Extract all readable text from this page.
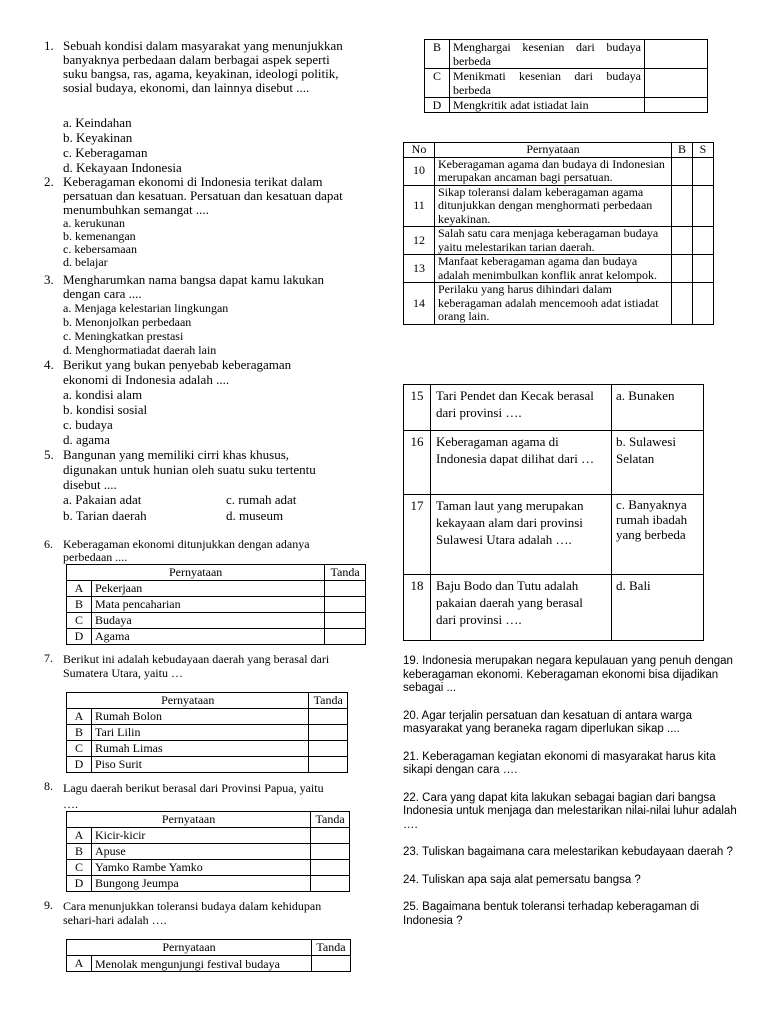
1. Sebuah kondisi dalam masyarakat yang menunjukkan
banyaknya perbedaan dalam berbagai aspek seperti
suku bangsa, ras, agama, keyakinan, ideologi politik,
sosial budaya, ekonomi, dan lainnya disebut ....
a. Keindahan
b. Keyakinan
c. Keberagaman
d. Kekayaan Indonesia
2. Keberagaman ekonomi di Indonesia terikat dalam
persatuan dan kesatuan. Persatuan dan kesatuan dapat
menumbuhkan semangat ....
a. kerukunan
b. kemenangan
c. kebersamaan
d. belajar
3. Mengharumkan nama bangsa dapat kamu lakukan
dengan cara ....
a. Menjaga kelestarian lingkungan
b. Menonjolkan perbedaan
c. Meningkatkan prestasi
d. Menghormatiadat daerah lain
4. Berikut yang bukan penyebab keberagaman
ekonomi di Indonesia adalah ....
a. kondisi alam
b. kondisi sosial
c. budaya
d. agama
5. Bangunan yang memiliki cirri khas khusus,
digunakan untuk hunian oleh suatu suku tertentu
disebut ....
a. Pakaian adat	c. rumah adat
b. Tarian daerah	d. museum
6. Keberagaman ekonomi ditunjukkan dengan adanya
perbedaan ....
Pernyataan		Tanda
A	Pekerjaan	
B	Mata pencaharian	
C	Budaya	
D	Agama	
7. Berikut ini adalah kebudayaan daerah yang berasal dari
Sumatera Utara, yaitu …
Pernyataan		Tanda
A	Rumah Bolon	
B	Tari Lilin	
C	Rumah Limas	
D	Piso Surit	
8. Lagu daerah berikut berasal dari Provinsi Papua, yaitu
….
Pernyataan		Tanda
A	Kicir-kicir	
B	Apuse	
C	Yamko Rambe Yamko	
D	Bungong Jeumpa	
9. Cara menunjukkan toleransi budaya dalam kehidupan
sehari-hari adalah ….
Pernyataan		Tanda
A	Menolak mengunjungi festival budaya	
B	Menghargai kesenian dari budaya berbeda	
C	Menikmati kesenian dari budaya berbeda	
D	Mengkritik adat istiadat lain	
No	Pernyataan	B	S
10	Keberagaman agama dan budaya di Indonesian merupakan ancaman bagi persatuan.		
11	Sikap toleransi dalam keberagaman agama ditunjukkan dengan menghormati perbedaan keyakinan.		
12	Salah satu cara menjaga keberagaman budaya yaitu melestarikan tarian daerah.		
13	Manfaat keberagaman agama dan budaya adalah menimbulkan konflik anrat kelompok.		
14	Perilaku yang harus dihindari dalam keberagaman adalah mencemooh adat istiadat orang lain.		
15	Tari Pendet dan Kecak berasal dari provinsi ….	a. Bunaken
16	Keberagaman agama di Indonesia dapat dilihat dari …	b. Sulawesi Selatan
17	Taman laut yang merupakan kekayaan alam dari provinsi Sulawesi Utara adalah ….	c. Banyaknya rumah ibadah yang berbeda
18	Baju Bodo dan Tutu adalah pakaian daerah yang berasal dari provinsi ….	d. Bali
19. Indonesia merupakan negara kepulauan yang penuh dengan keberagaman ekonomi. Keberagaman ekonomi bisa dijadikan sebagai ...
20. Agar terjalin persatuan dan kesatuan di antara warga masyarakat yang beraneka ragam diperlukan sikap ....
21. Keberagaman kegiatan ekonomi di masyarakat harus kita sikapi dengan cara ….
22. Cara yang dapat kita lakukan sebagai bagian dari bangsa Indonesia untuk menjaga dan melestarikan nilai-nilai luhur adalah ….
23. Tuliskan bagaimana cara melestarikan kebudayaan daerah ?
24. Tuliskan apa saja alat pemersatu bangsa ?
25. Bagaimana bentuk toleransi terhadap keberagaman di Indonesia ?
